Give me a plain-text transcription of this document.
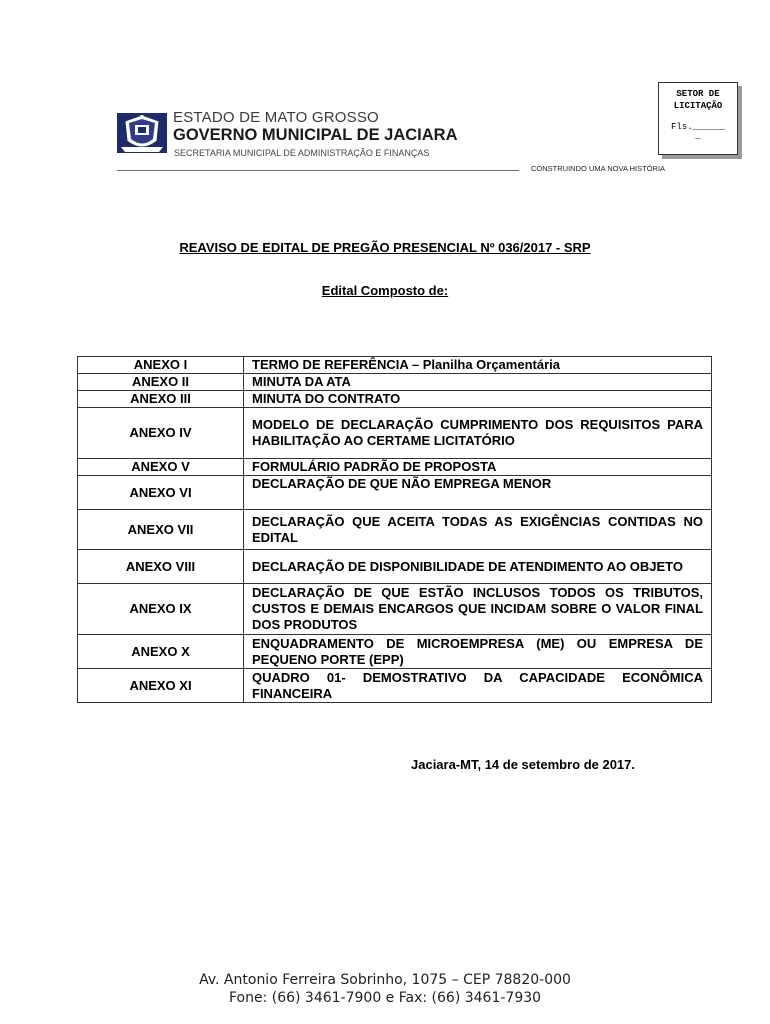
ESTADO DE MATO GROSSO
GOVERNO MUNICIPAL DE JACIARA
SECRETARIA MUNICIPAL DE ADMINISTRAÇÃO E FINANÇAS
CONSTRUINDO UMA NOVA HISTÓRIA
SETOR DE LICITAÇÃO
Fls.______
_
REAVISO DE EDITAL DE PREGÃO PRESENCIAL Nº 036/2017 - SRP
Edital Composto de:
ANEXO I	TERMO DE REFERÊNCIA – Planilha Orçamentária
ANEXO II	MINUTA DA ATA
ANEXO III	MINUTA DO CONTRATO
ANEXO IV	MODELO DE DECLARAÇÃO CUMPRIMENTO DOS REQUISITOS PARA HABILITAÇÃO AO CERTAME LICITATÓRIO
ANEXO V	FORMULÁRIO PADRÃO DE PROPOSTA
ANEXO VI	DECLARAÇÃO DE QUE NÃO EMPREGA MENOR
ANEXO VII	DECLARAÇÃO QUE ACEITA TODAS AS EXIGÊNCIAS CONTIDAS NO EDITAL
ANEXO VIII	DECLARAÇÃO DE DISPONIBILIDADE DE ATENDIMENTO AO OBJETO
ANEXO IX	DECLARAÇÃO DE QUE ESTÃO INCLUSOS TODOS OS TRIBUTOS, CUSTOS E DEMAIS ENCARGOS QUE INCIDAM SOBRE O VALOR FINAL DOS PRODUTOS
ANEXO X	ENQUADRAMENTO DE MICROEMPRESA (ME) OU EMPRESA DE PEQUENO PORTE (EPP)
ANEXO XI	QUADRO 01- DEMOSTRATIVO DA CAPACIDADE ECONÔMICA FINANCEIRA
Jaciara-MT, 14 de setembro de 2017.
Av. Antonio Ferreira Sobrinho, 1075 – CEP 78820-000
Fone: (66) 3461-7900 e Fax: (66) 3461-7930
